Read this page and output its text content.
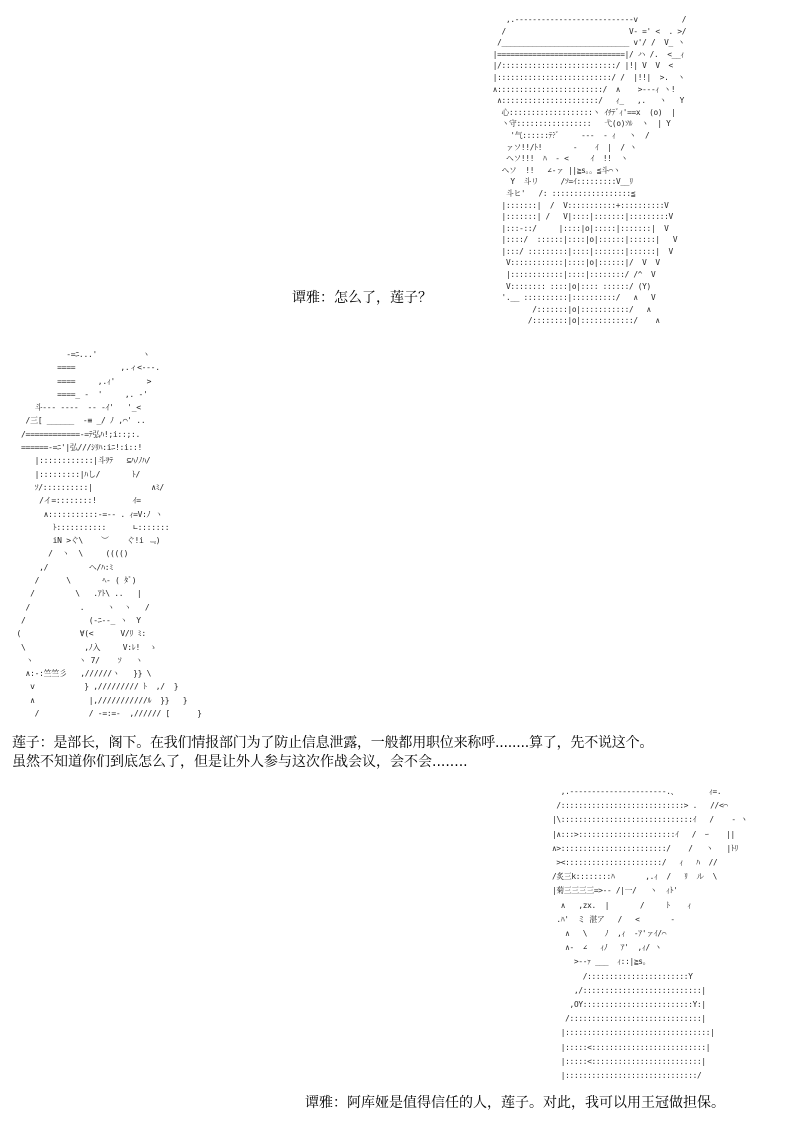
,.---------------------------v          /
/                            V- =' <  . >/
/_____________________________ v'/ /  V_ ヽ
|=============================|/ ハ /.  <__ｨ
|/::::::::::::::::::::::::::/ |!| V  V  <
|::::::::::::::::::::::::::/ /  |!!|  >.  ヽ
∧::::::::::::::::::::::::/  ∧    >---ｨ ヽ!
∧::::::::::::::::::::::/   ｨ_   ,.   ヽ   Y
心:::::::::::::::::::ヽ ｲﾁﾃﾞｨ'==x  (o)  |
ヽ守:::::::::::::::::   弋(o)ｿﾙ  ヽ  | Y
'气::::::ﾃ?ﾞ     ---  ‐ ｨ   ヽ  /
ァソ!!/ﾄ!       -    ｲ  |  / ヽ
ヘソ!!!  ﾊ  ‐ <     ｲ  !!  ヽ
ヘソ  !!   ∠-ァ ||≧s。。≦斗⌒ヽ
Y  斗リ     /ｿ=ｲ:::::::::V__ﾘ
斗ヒ'   /: ::::::::::::::::::≦
|:::::::|  /  V:::::::::::+::::::::::V
|:::::::| /   V|::::|:::::::|:::::::::V
|:::-::/     |::::|o|:::::|:::::::|  V
|::::/  ::::::|::::|o|::::::|::::::|   V
|:::/ :::::::::|::::|:::::::|::::::|  V
V::::::::::::|::::|o|::::::|/  V  V
|::::::::::::|::::|::::::::/ /^  V
V:::::::: ::::|o|:::: ::::::/ (Y)
'.__ ::::::::::|::::::::::/   ∧   V
/:::::::|o|:::::::::::/   ∧
/::::::::|o|::::::::::::/    ∧
谭雅：怎么了，莲子？
-=ﾆ...'          ヽ
====          ,.ィ<---.
====     ,.ｨ'       >
====_ -  '     ,. -'
斗--- ----  -- -ｲ'   '_<
/三[ ______  -≡ _/ ﾉ ,⌒' ..
/============-=ﾃ弘ﾊ!;i::;:.
======-=ﾆ'|弘///ｼﾘﾊ:iﾆ!:i::!
|::::::::::::|斗ｦﾃ   ⊆ﾊﾉﾉﾊ/
|:::::::::|ﾊし/       ﾄ/
ｿ/::::::::::|             ∧ﾐ/
/イ=::::::::!        ｲ=
∧:::::::::::-=-- . ｨ=V:ﾉ ヽ
ﾄ:::::::::::      ∟:::::::
iN >ぐ\    ︶    ぐ!i ﹃)
/  ヽ  \     (((()
,/         ヘ/ﾊ:ﾐ
/      \       ﾍ- ( ﾀﾞ)
/         \   .ｱﾄ\ ..   |
/           .     ヽ  ヽ   /
/              (-ﾆ--_ ヽ  Y
(             ∀(<      V/ﾘ ﾐ:
\             ,ﾉ入     V:ﾚ!  ゝ
ヽ          ヽ 7/    ｿ   ヽ
∧:-:竺竺彡   ,//////ヽ   }} \
v           } ,///////// ﾄ  ,/  }
∧            |,///////////ﾙ  }}   }
/           / -=:=-  ,////// [      }
莲子：是部长，阁下。在我们情报部门为了防止信息泄露，一般都用职位来称呼........算了，先不说这个。
虽然不知道你们到底怎么了，但是让外人参与这次作战会议，会不会........
,.----------------------.、       ｨ=.
/::::::::::::::::::::::::::::> .   //<⌒
|\::::::::::::::::::::::::::::::ｲ   /    - ヽ
|∧:::>::::::::::::::::::::::ｲ   /  ｰ    ||
∧>::::::::::::::::::::::::/    /   ヽ   |ﾄﾘ
><::::::::::::::::::::::/   ｨ   ﾊ  //
/炙三k::::::::ﾊ       ,.ｨ  /   ﾘ  ル  \
|菊三三三三=>-- /|一/   ヽ  ｨﾄ'
∧   ,zx.  |       /     ﾄ    ｨ
.ﾊ'  ミ 湛ア   /   <       -
∧   \    ﾉ  ,ｨ  -ｱ'ァｲ/⌒
∧-  ∠   ｨﾉ   ｱ'  ,ｨ/ ヽ
>--ｧ ___  ｨ::|≧s。
/:::::::::::::::::::::::Y
,/:::::::::::::::::::::::::::|
,OY:::::::::::::::::::::::::Y:|
/::::::::::::::::::::::::::::::|
|:::::::::::::::::::::::::::::::::|
|:::::<::::::::::::::::::::::::::|
|:::::<:::::::::::::::::::::::::|
|::::::::::::::::::::::::::::::/
谭雅：阿库娅是值得信任的人，莲子。对此，我可以用王冠做担保。
